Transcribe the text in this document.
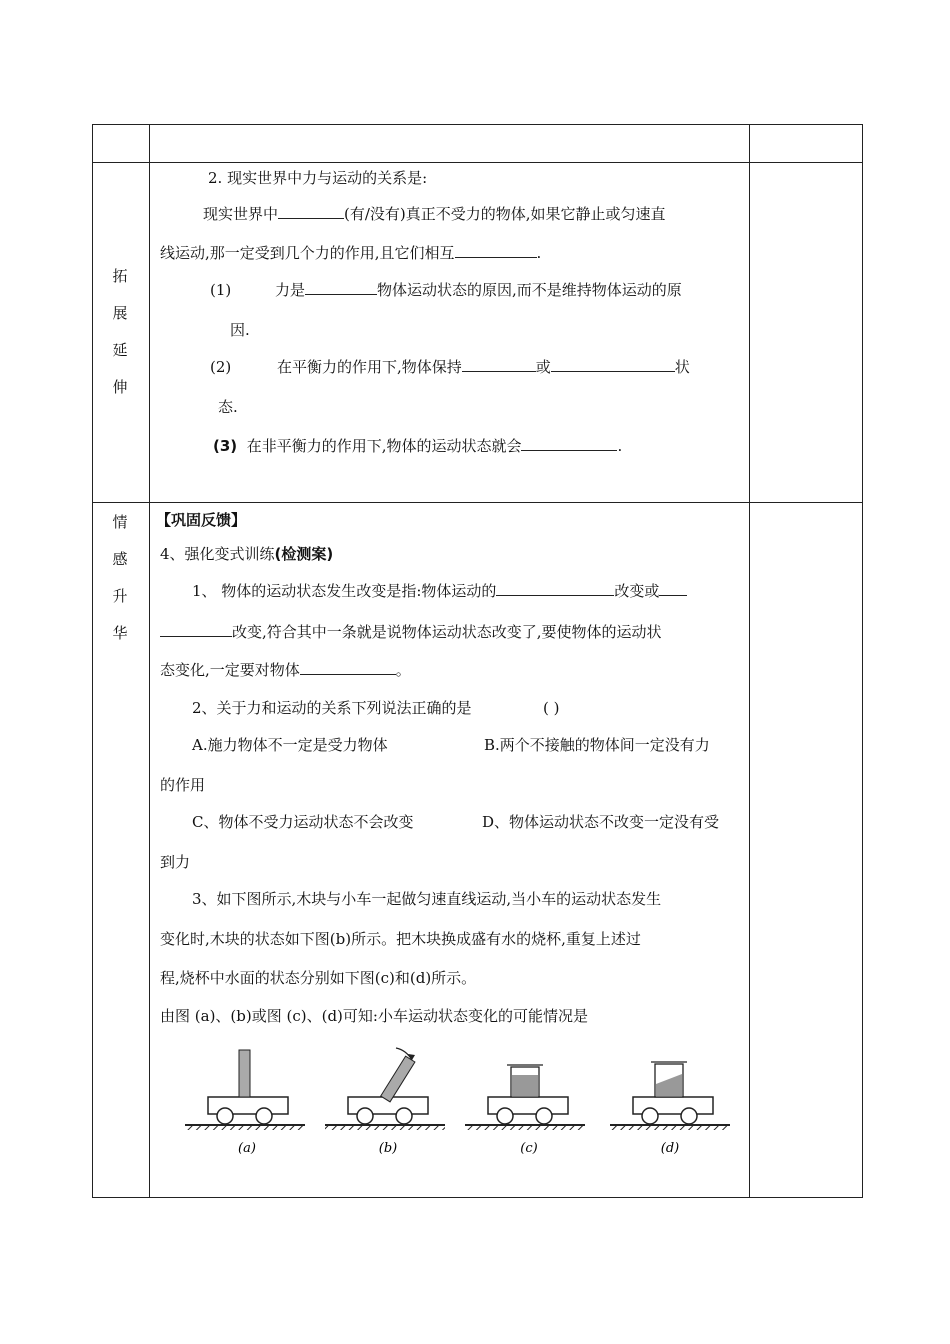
拓
展
延
伸
2. 现实世界中力与运动的关系是:
现实世界中	(有/没有)真正不受力的物体,如果它静止或匀速直
线运动,那一定受到几个力的作用,且它们相互	.
(1)	力是	物体运动状态的原因,而不是维持物体运动的原
因.
(2)	在平衡力的作用下,物体保持	或	状
态.
(3) 在非平衡力的作用下,物体的运动状态就会	.
情
感
升
华
【巩固反馈】
4、强化变式训练(检测案)
1、 物体的运动状态发生改变是指:物体运动的	改变或
改变,符合其中一条就是说物体运动状态改变了,要使物体的运动状
态变化,一定要对物体	。
2、关于力和运动的关系下列说法正确的是	( )
A.施力物体不一定是受力物体	B.两个不接触的物体间一定没有力
的作用
C、物体不受力运动状态不会改变	D、物体运动状态不改变一定没有受
到力
3、如下图所示,木块与小车一起做匀速直线运动,当小车的运动状态发生
变化时,木块的状态如下图(b)所示。把木块换成盛有水的烧杯,重复上述过
程,烧杯中水面的状态分别如下图(c)和(d)所示。
由图 (a)、(b)或图 (c)、(d)可知:小车运动状态变化的可能情况是
(a)	(b)	(c)	(d)
